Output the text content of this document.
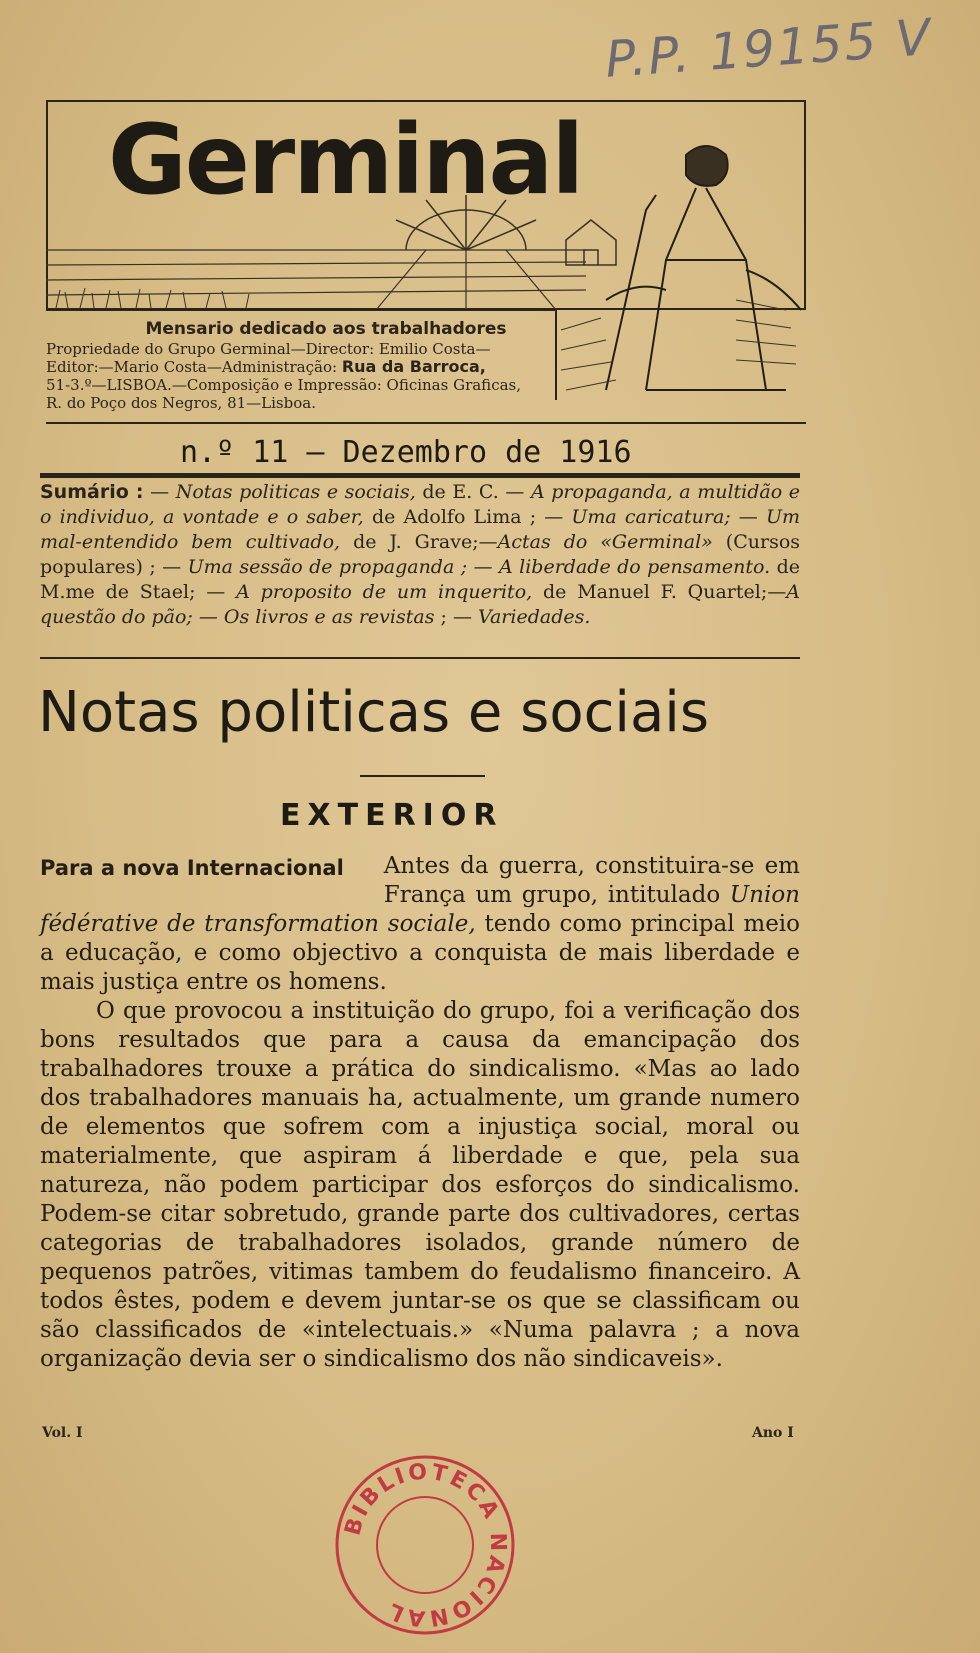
P.P. 19155 V
Germinal
Mensario dedicado aos trabalhadores
Propriedade do Grupo Germinal—Director: Emilio Costa—
Editor:—Mario Costa—Administração: Rua da Barroca,
51-3.º—LISBOA.—Composição e Impressão: Oficinas Graficas,
R. do Poço dos Negros, 81—Lisboa.
n.º 11 — Dezembro de 1916
Sumário : — Notas politicas e sociais, de E. C. — A propaganda, a multidão e o individuo, a vontade e o saber, de Adolfo Lima ; — Uma caricatura; — Um mal-entendido bem cultivado, de J. Grave;—Actas do «Germinal» (Cursos populares) ; — Uma sessão de propaganda ; — A liberdade do pensamento. de M.me de Stael; — A proposito de um inquerito, de Manuel F. Quartel;—A questão do pão; — Os livros e as revistas ; — Variedades.
Notas politicas e sociais
EXTERIOR

Para a nova Internacional Antes da guerra, constituira-se em França um grupo, intitulado Union fédérative de transformation sociale, tendo como principal meio a educação, e como objectivo a conquista de mais liberdade e mais justiça entre os homens.

O que provocou a instituição do grupo, foi a verificação dos bons resultados que para a causa da emancipação dos trabalhadores trouxe a prática do sindicalismo. «Mas ao lado dos trabalhadores manuais ha, actualmente, um grande numero de elementos que sofrem com a injustiça social, moral ou materialmente, que aspiram á liberdade e que, pela sua natureza, não podem participar dos esforços do sindicalismo. Podem-se citar sobretudo, grande parte dos cultivadores, certas categorias de trabalhadores isolados, grande número de pequenos patrões, vitimas tambem do feudalismo financeiro. A todos êstes, podem e devem juntar-se os que se classificam ou são classificados de «intelectuais.» «Numa palavra ; a nova organização devia ser o sindicalismo dos não sindicaveis».

Vol. I	Ano I
BIBLIOTECA NACIONAL
